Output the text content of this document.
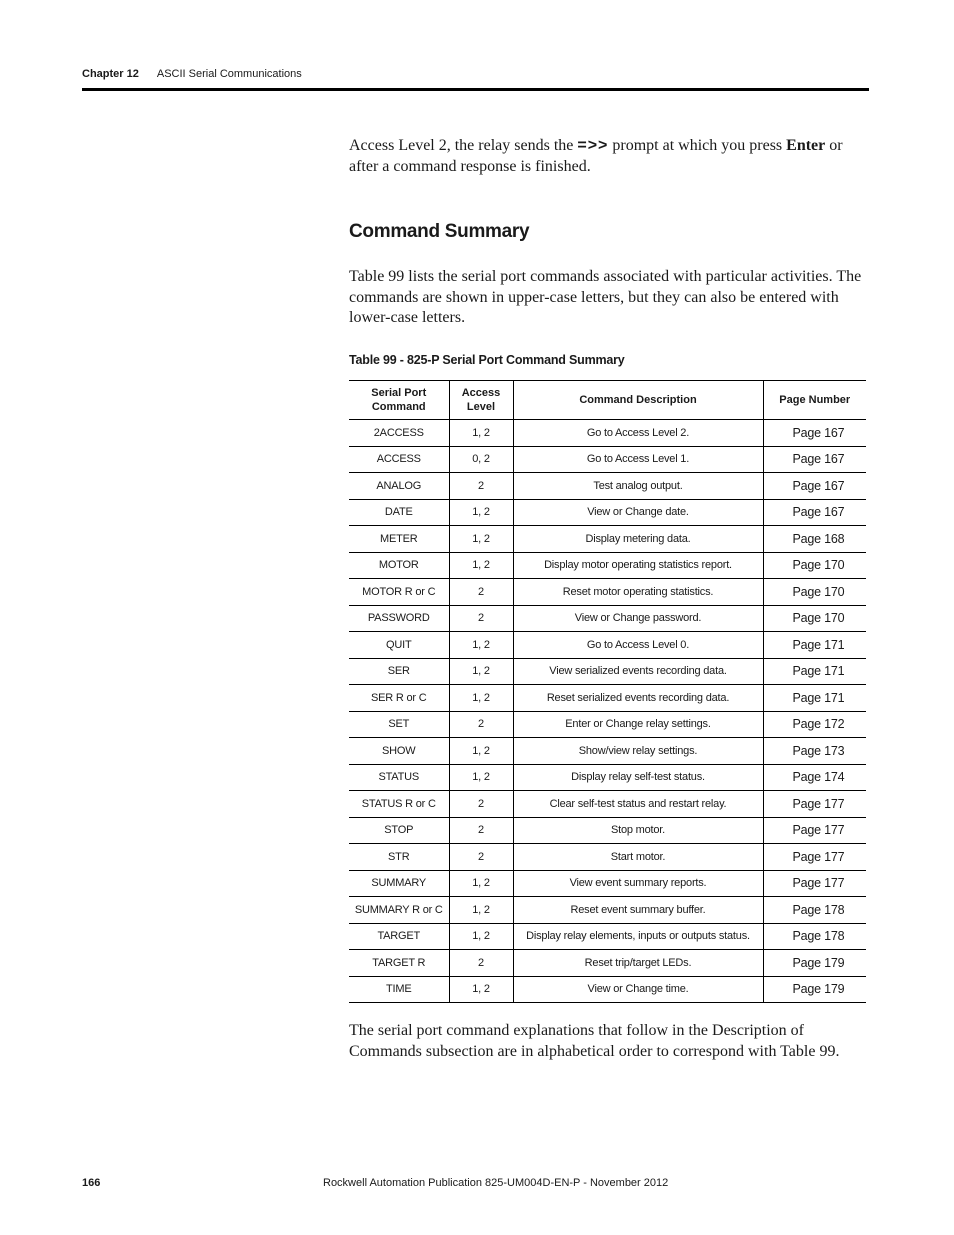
Chapter 12 ASCII Serial Communications

Access Level 2, the relay sends the =>> prompt at which you press Enter or after a command response is finished.

Command Summary

Table 99 lists the serial port commands associated with particular activities. The commands are shown in upper-case letters, but they can also be entered with lower-case letters.

Table 99 - 825-P Serial Port Command Summary
Serial Port Command	Access Level	Command Description	Page Number
2ACCESS	1, 2	Go to Access Level 2.	Page 167
ACCESS	0, 2	Go to Access Level 1.	Page 167
ANALOG	2	Test analog output.	Page 167
DATE	1, 2	View or Change date.	Page 167
METER	1, 2	Display metering data.	Page 168
MOTOR	1, 2	Display motor operating statistics report.	Page 170
MOTOR R or C	2	Reset motor operating statistics.	Page 170
PASSWORD	2	View or Change password.	Page 170
QUIT	1, 2	Go to Access Level 0.	Page 171
SER	1, 2	View serialized events recording data.	Page 171
SER R or C	1, 2	Reset serialized events recording data.	Page 171
SET	2	Enter or Change relay settings.	Page 172
SHOW	1, 2	Show/view relay settings.	Page 173
STATUS	1, 2	Display relay self-test status.	Page 174
STATUS R or C	2	Clear self-test status and restart relay.	Page 177
STOP	2	Stop motor.	Page 177
STR	2	Start motor.	Page 177
SUMMARY	1, 2	View event summary reports.	Page 177
SUMMARY R or C	1, 2	Reset event summary buffer.	Page 178
TARGET	1, 2	Display relay elements, inputs or outputs status.	Page 178
TARGET R	2	Reset trip/target LEDs.	Page 179
TIME	1, 2	View or Change time.	Page 179

The serial port command explanations that follow in the Description of Commands subsection are in alphabetical order to correspond with Table 99.

166	Rockwell Automation Publication 825-UM004D-EN-P - November 2012
